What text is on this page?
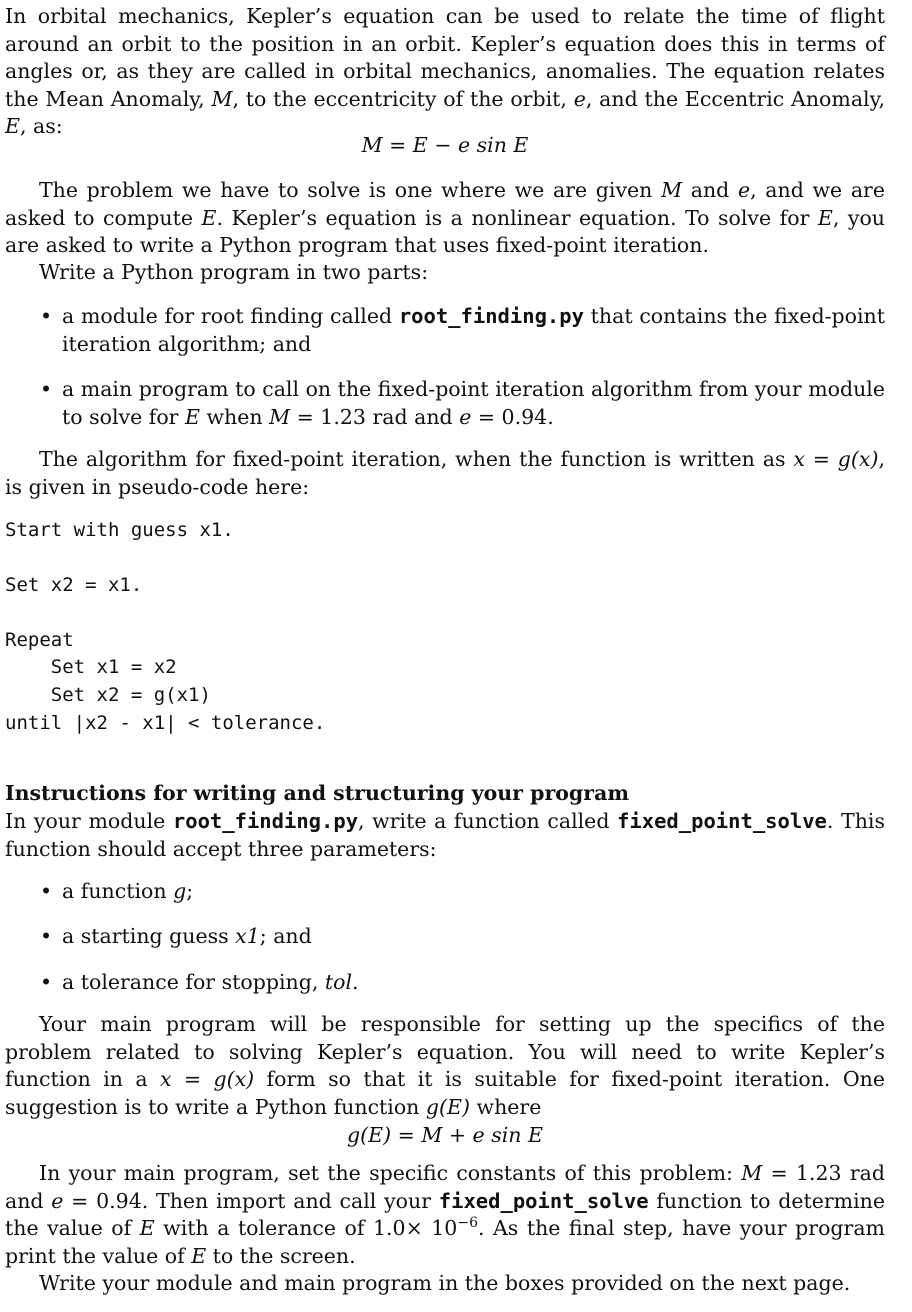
In orbital mechanics, Kepler’s equation can be used to relate the time of flight around an orbit to the position in an orbit. Kepler’s equation does this in terms of angles or, as they are called in orbital mechanics, anomalies. The equation relates the Mean Anomaly, M, to the eccentricity of the orbit, e, and the Eccentric Anomaly, E, as:

M = E − e sin E

The problem we have to solve is one where we are given M and e, and we are asked to compute E. Kepler’s equation is a nonlinear equation. To solve for E, you are asked to write a Python program that uses fixed-point iteration.

Write a Python program in two parts:

• a module for root finding called root_finding.py that contains the fixed-point iteration algorithm; and
• a main program to call on the fixed-point iteration algorithm from your module to solve for E when M = 1.23 rad and e = 0.94.

The algorithm for fixed-point iteration, when the function is written as x = g(x), is given in pseudo-code here:

Start with guess x1.
Set x2 = x1.
Repeat
Set x1 = x2
Set x2 = g(x1)
until |x2 - x1| < tolerance.

Instructions for writing and structuring your program

In your module root_finding.py, write a function called fixed_point_solve. This function should accept three parameters:

• a function g;
• a starting guess x1; and
• a tolerance for stopping, tol.

Your main program will be responsible for setting up the specifics of the problem related to solving Kepler’s equation. You will need to write Kepler’s function in a x = g(x) form so that it is suitable for fixed-point iteration. One suggestion is to write a Python function g(E) where

g(E) = M + e sin E

In your main program, set the specific constants of this problem: M = 1.23 rad and e = 0.94. Then import and call your fixed_point_solve function to determine the value of E with a tolerance of $1.0\times 10^{-6}$. As the final step, have your program print the value of E to the screen.

Write your module and main program in the boxes provided on the next page.
